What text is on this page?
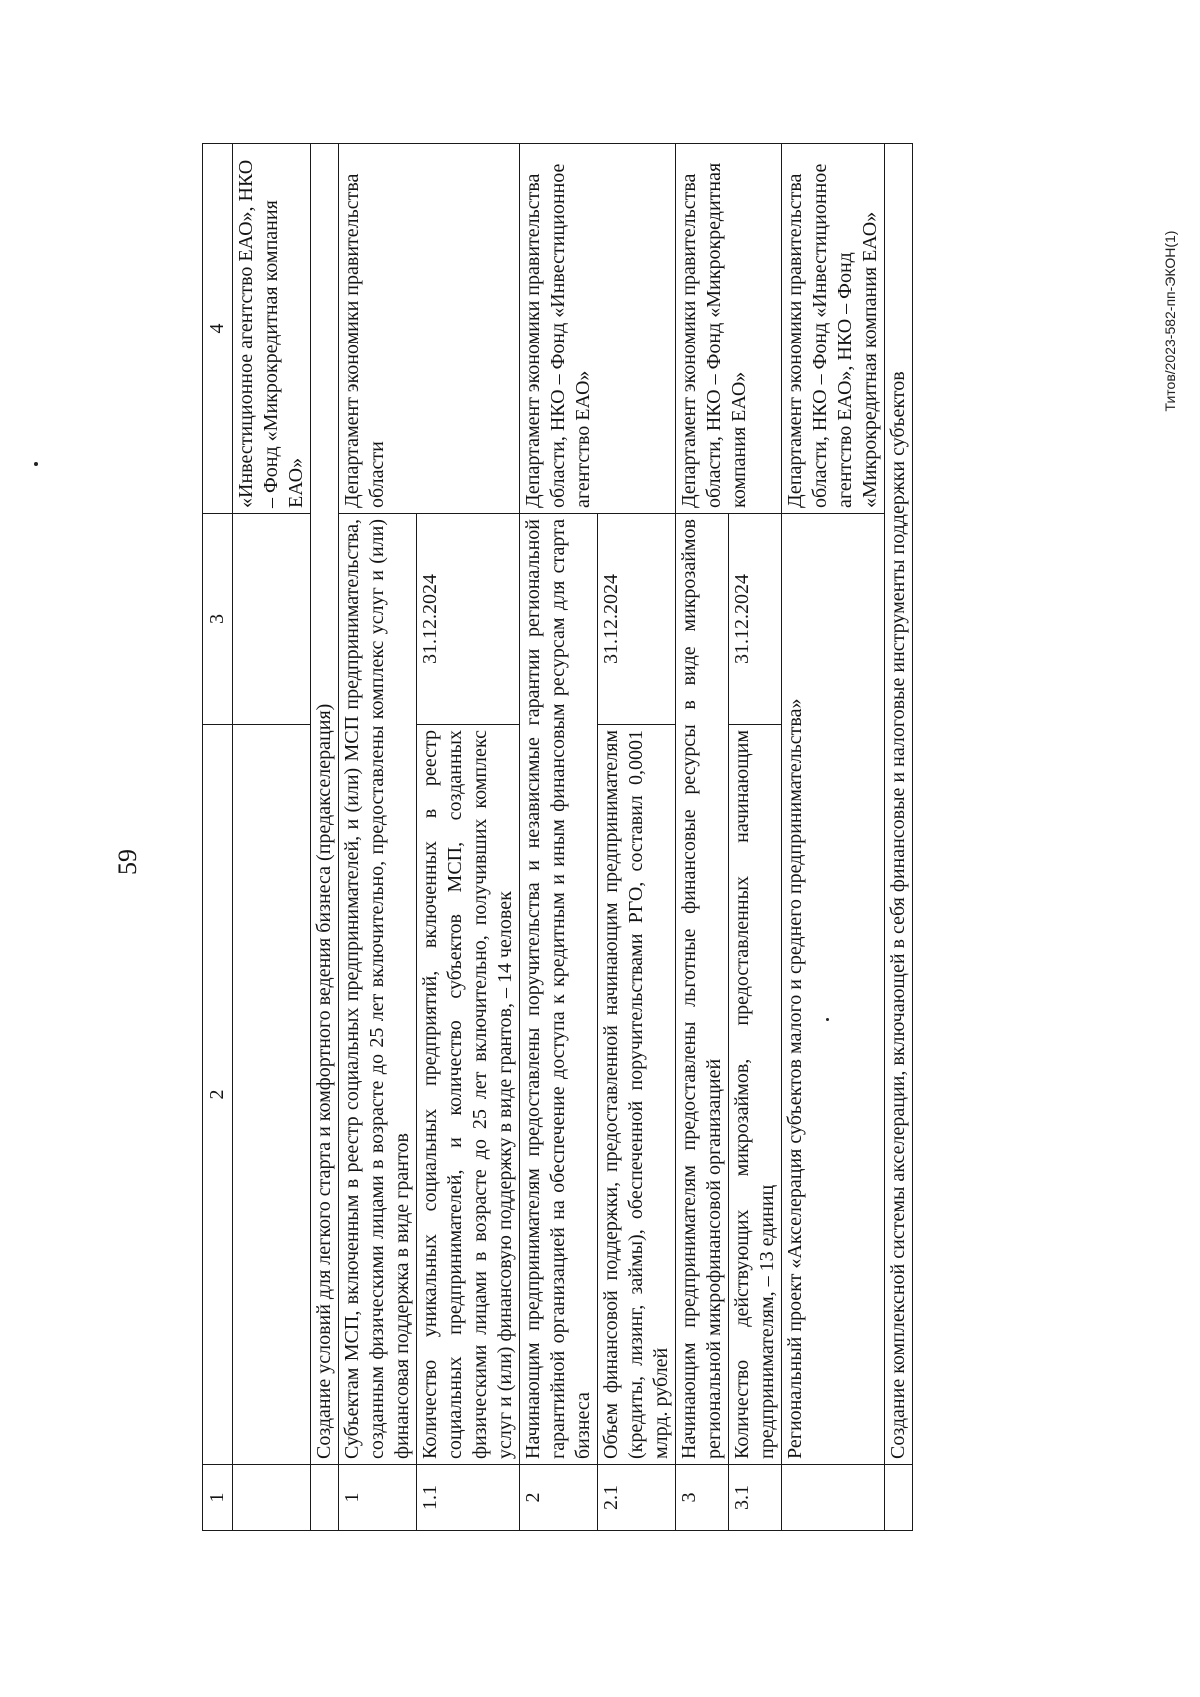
59
Титов/2023-582-пп-ЭКОН(1)
1	2	3	4
			«Инвестиционное агентство ЕАО», НКО – Фонд «Микрокредитная компания ЕАО»
	Создание условий для легкого старта и комфортного ведения бизнеса (предакселерация)		
1	Субъектам МСП, включенным в реестр социальных предпринимателей, и (или) МСП предпринимательства, созданным физическими лицами в возрасте до 25 лет включительно, предоставлены комплекс услуг и (или) финансовая поддержка в виде грантов		Департамент экономики правительства области
1.1	Количество уникальных социальных предприятий, включенных в реестр социальных предпринимателей, и количество субъектов МСП, созданных физическими лицами в возрасте до 25 лет включительно, получивших комплекс услуг и (или) финансовую поддержку в виде грантов, – 14 человек	31.12.2024	
2	Начинающим предпринимателям предоставлены поручительства и независимые гарантии региональной гарантийной организацией на обеспечение доступа к кредитным и иным финансовым ресурсам для старта бизнеса		Департамент экономики правительства области, НКО – Фонд «Инвестиционное агентство ЕАО»
2.1	Объем финансовой поддержки, предоставленной начинающим предпринимателям (кредиты, лизинг, займы), обеспеченной поручительствами РГО, составил 0,0001 млрд. рублей	31.12.2024	
3	Начинающим предпринимателям предоставлены льготные финансовые ресурсы в виде микрозаймов региональной микрофинансовой организацией		Департамент экономики правительства области, НКО – Фонд «Микрокредитная компания ЕАО»
3.1	Количество действующих микрозаймов, предоставленных начинающим предпринимателям, – 13 единиц	31.12.2024	
	Региональный проект «Акселерация субъектов малого и среднего предпринимательства»		Департамент экономики правительства области, НКО – Фонд «Инвестиционное агентство ЕАО», НКО – Фонд «Микрокредитная компания ЕАО»
	Создание комплексной системы акселерации, включающей в себя финансовые и налоговые инструменты поддержки субъектов		
